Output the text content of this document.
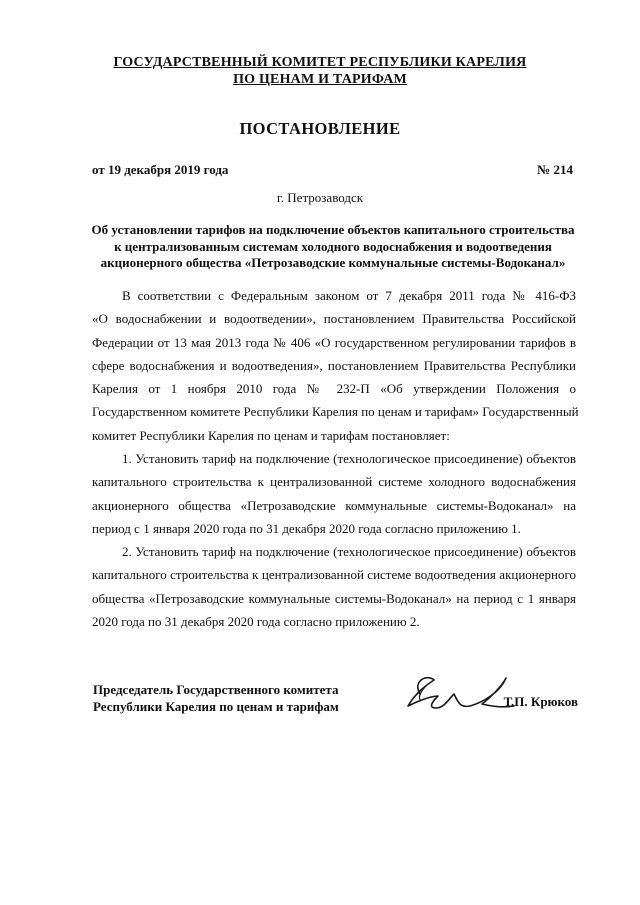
ГОСУДАРСТВЕННЫЙ КОМИТЕТ РЕСПУБЛИКИ КАРЕЛИЯ
ПО ЦЕНАМ И ТАРИФАМ
ПОСТАНОВЛЕНИЕ
от 19 декабря 2019 года	№ 214
г. Петрозаводск
Об установлении тарифов на подключение объектов капитального строительства
к централизованным системам холодного водоснабжения и водоотведения
акционерного общества «Петрозаводские коммунальные системы-Водоканал»
В соответствии с Федеральным законом от 7 декабря 2011 года № 416-ФЗ
«О водоснабжении и водоотведении», постановлением Правительства Российской
Федерации от 13 мая 2013 года № 406 «О государственном регулировании тарифов в
сфере водоснабжения и водоотведения», постановлением Правительства Республики
Карелия от 1 ноября 2010 года № 232-П «Об утверждении Положения о
Государственном комитете Республики Карелия по ценам и тарифам» Государственный
комитет Республики Карелия по ценам и тарифам постановляет:
1. Установить тариф на подключение (технологическое присоединение) объектов
капитального строительства к централизованной системе холодного водоснабжения
акционерного общества «Петрозаводские коммунальные системы-Водоканал» на
период с 1 января 2020 года по 31 декабря 2020 года согласно приложению 1.
2. Установить тариф на подключение (технологическое присоединение) объектов
капитального строительства к централизованной системе водоотведения акционерного
общества «Петрозаводские коммунальные системы-Водоканал» на период с 1 января
2020 года по 31 декабря 2020 года согласно приложению 2.
Председатель Государственного комитета
Республики Карелия по ценам и тарифам	Т.П. Крюков
